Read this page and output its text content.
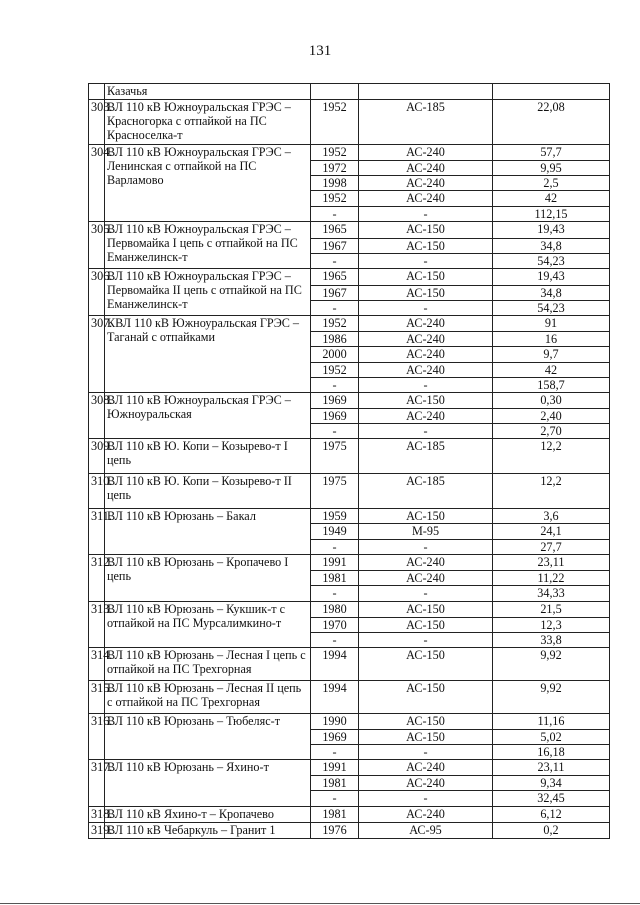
131
	Казачья			
303.	ВЛ 110 кВ Южноуральская ГРЭС – Красногорка с отпайкой на ПС Красноселка-т	1952	АС-185	22,08
304.	ВЛ 110 кВ Южноуральская ГРЭС – Ленинская с отпайкой на ПС Варламово	1952	АС-240	57,7
		1972	АС-240	9,95
		1998	АС-240	2,5
		1952	АС-240	42
		-	-	112,15
305.	ВЛ 110 кВ Южноуральская ГРЭС – Первомайка I цепь с отпайкой на ПС Еманжелинск-т	1965	АС-150	19,43
		1967	АС-150	34,8
		-	-	54,23
306.	ВЛ 110 кВ Южноуральская ГРЭС – Первомайка II цепь с отпайкой на ПС Еманжелинск-т	1965	АС-150	19,43
		1967	АС-150	34,8
		-	-	54,23
307.	КВЛ 110 кВ Южноуральская ГРЭС – Таганай с отпайками	1952	АС-240	91
		1986	АС-240	16
		2000	АС-240	9,7
		1952	АС-240	42
		-	-	158,7
308.	ВЛ 110 кВ Южноуральская ГРЭС – Южноуральская	1969	АС-150	0,30
		1969	АС-240	2,40
		-	-	2,70
309.	ВЛ 110 кВ Ю. Копи – Козырево-т I цепь	1975	АС-185	12,2
310.	ВЛ 110 кВ Ю. Копи – Козырево-т II цепь	1975	АС-185	12,2
311.	ВЛ 110 кВ Юрюзань – Бакал	1959	АС-150	3,6
		1949	М-95	24,1
		-	-	27,7
312.	ВЛ 110 кВ Юрюзань – Кропачево I цепь	1991	АС-240	23,11
		1981	АС-240	11,22
		-	-	34,33
313.	ВЛ 110 кВ Юрюзань – Кукшик-т с отпайкой на ПС Мурсалимкино-т	1980	АС-150	21,5
		1970	АС-150	12,3
		-	-	33,8
314.	ВЛ 110 кВ Юрюзань – Лесная I цепь с отпайкой на ПС Трехгорная	1994	АС-150	9,92
315.	ВЛ 110 кВ Юрюзань – Лесная II цепь с отпайкой на ПС Трехгорная	1994	АС-150	9,92
316.	ВЛ 110 кВ Юрюзань – Тюбеляс-т	1990	АС-150	11,16
		1969	АС-150	5,02
		-	-	16,18
317.	ВЛ 110 кВ Юрюзань – Яхино-т	1991	АС-240	23,11
		1981	АС-240	9,34
		-	-	32,45
318.	ВЛ 110 кВ Яхино-т – Кропачево	1981	АС-240	6,12
319.	ВЛ 110 кВ Чебаркуль – Гранит 1	1976	АС-95	0,2
